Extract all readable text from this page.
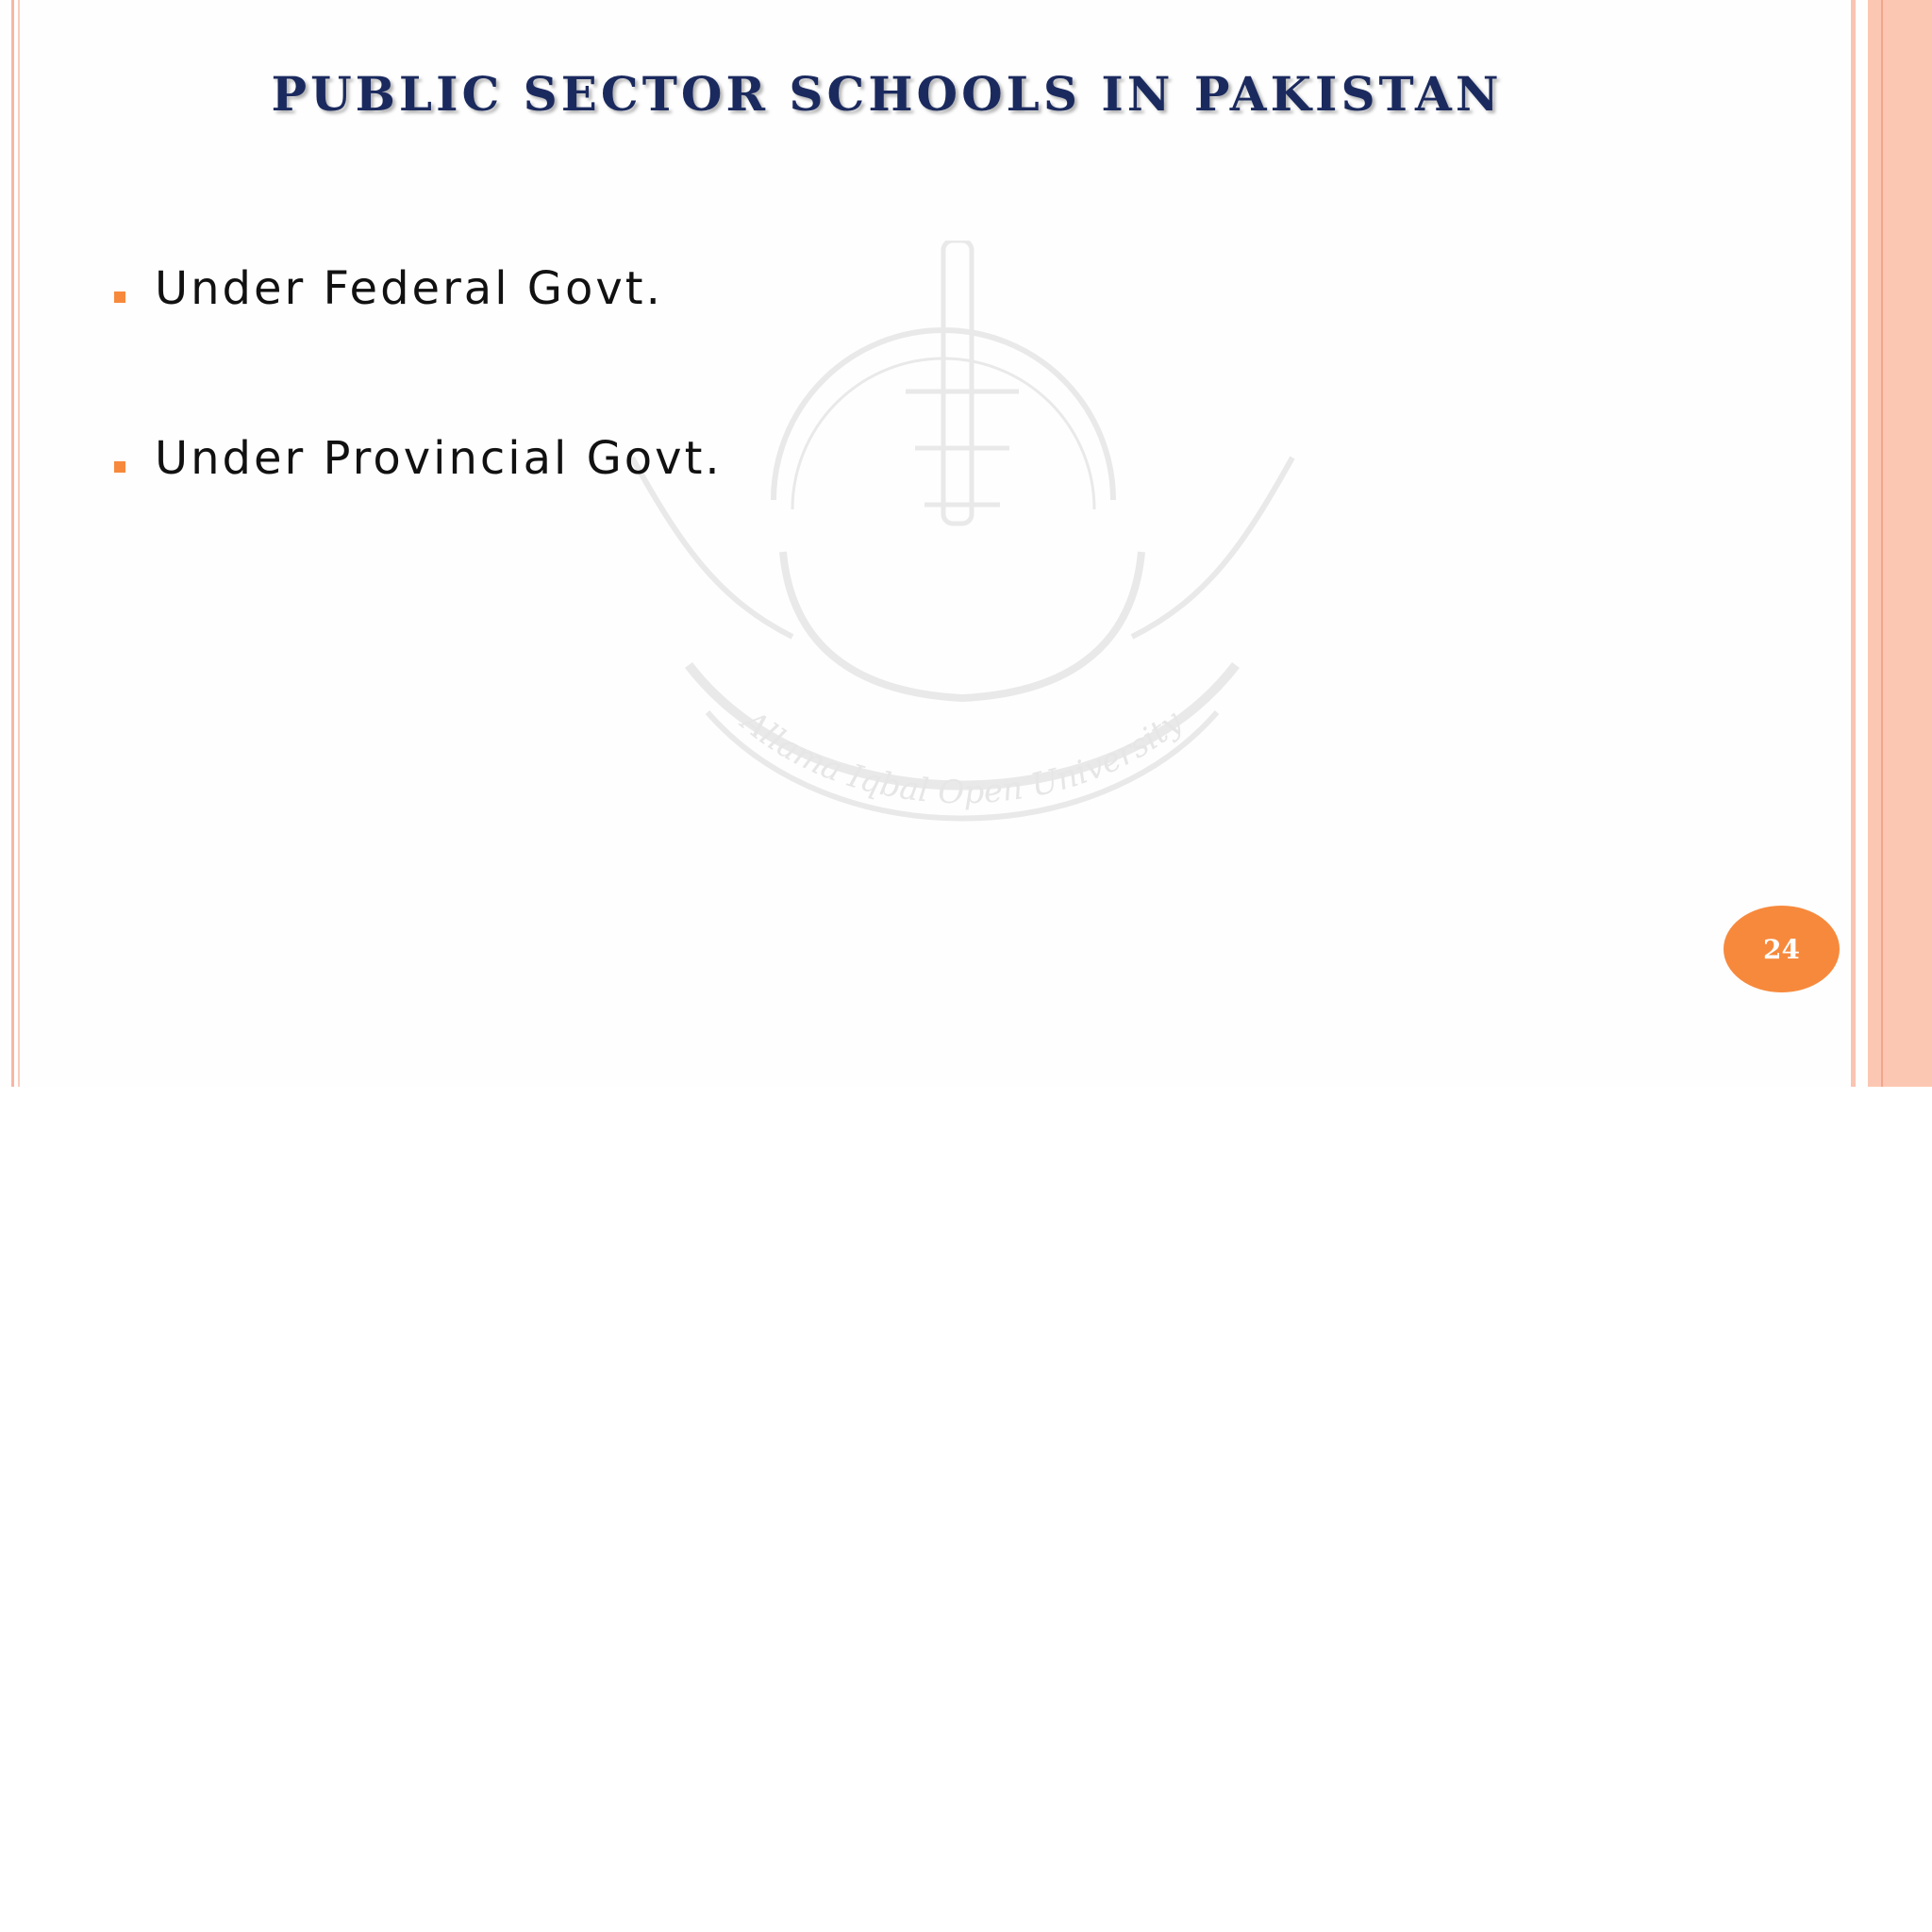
Allama Iqbal Open University
PUBLIC SECTOR SCHOOLS IN PAKISTAN
Under Federal Govt.
Under Provincial Govt.
24
